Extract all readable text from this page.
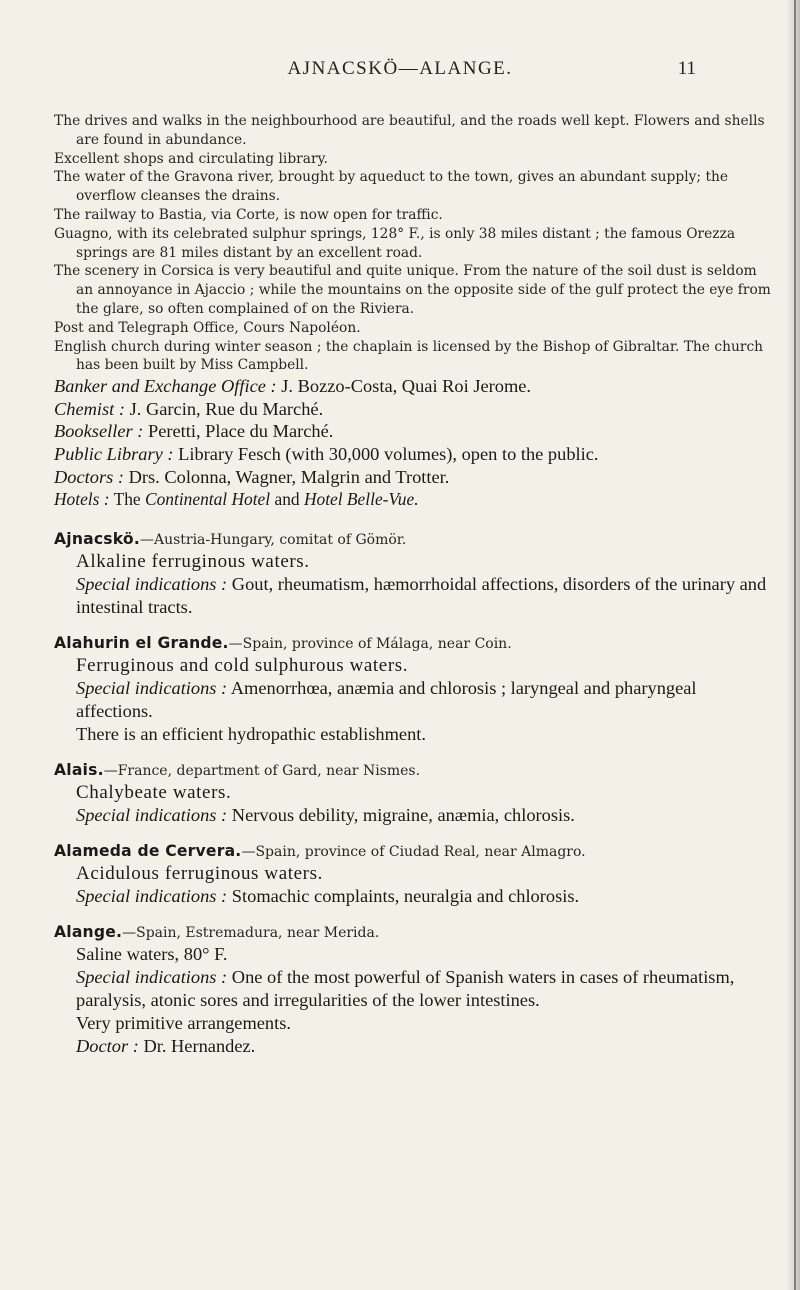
AJNACSKÖ—ALANGE.	11

The drives and walks in the neighbourhood are beautiful, and the roads well kept. Flowers and shells are found in abundance.

Excellent shops and circulating library.

The water of the Gravona river, brought by aqueduct to the town, gives an abundant supply; the overflow cleanses the drains.

The railway to Bastia, via Corte, is now open for traffic.

Guagno, with its celebrated sulphur springs, 128° F., is only 38 miles distant ; the famous Orezza springs are 81 miles distant by an excellent road.

The scenery in Corsica is very beautiful and quite unique. From the nature of the soil dust is seldom an annoyance in Ajaccio ; while the mountains on the opposite side of the gulf protect the eye from the glare, so often complained of on the Riviera.

Post and Telegraph Office, Cours Napoléon.

English church during winter season ; the chaplain is licensed by the Bishop of Gibraltar. The church has been built by Miss Campbell.

Banker and Exchange Office : J. Bozzo-Costa, Quai Roi Jerome.

Chemist : J. Garcin, Rue du Marché.

Bookseller : Peretti, Place du Marché.

Public Library : Library Fesch (with 30,000 volumes), open to the public.

Doctors : Drs. Colonna, Wagner, Malgrin and Trotter.

Hotels : The Continental Hotel and Hotel Belle-Vue.

Ajnacskö.—Austria-Hungary, comitat of Gömör.

Alkaline ferruginous waters.

Special indications : Gout, rheumatism, hæmorrhoidal affections, disorders of the urinary and intestinal tracts.

Alahurin el Grande.—Spain, province of Málaga, near Coin.

Ferruginous and cold sulphurous waters.

Special indications : Amenorrhœa, anæmia and chlorosis ; laryngeal and pharyngeal affections.

There is an efficient hydropathic establishment.

Alais.—France, department of Gard, near Nismes.

Chalybeate waters.

Special indications : Nervous debility, migraine, anæmia, chlorosis.

Alameda de Cervera.—Spain, province of Ciudad Real, near Almagro.

Acidulous ferruginous waters.

Special indications : Stomachic complaints, neuralgia and chlorosis.

Alange.—Spain, Estremadura, near Merida.

Saline waters, 80° F.

Special indications : One of the most powerful of Spanish waters in cases of rheumatism, paralysis, atonic sores and irregularities of the lower intestines.

Very primitive arrangements.

Doctor : Dr. Hernandez.
